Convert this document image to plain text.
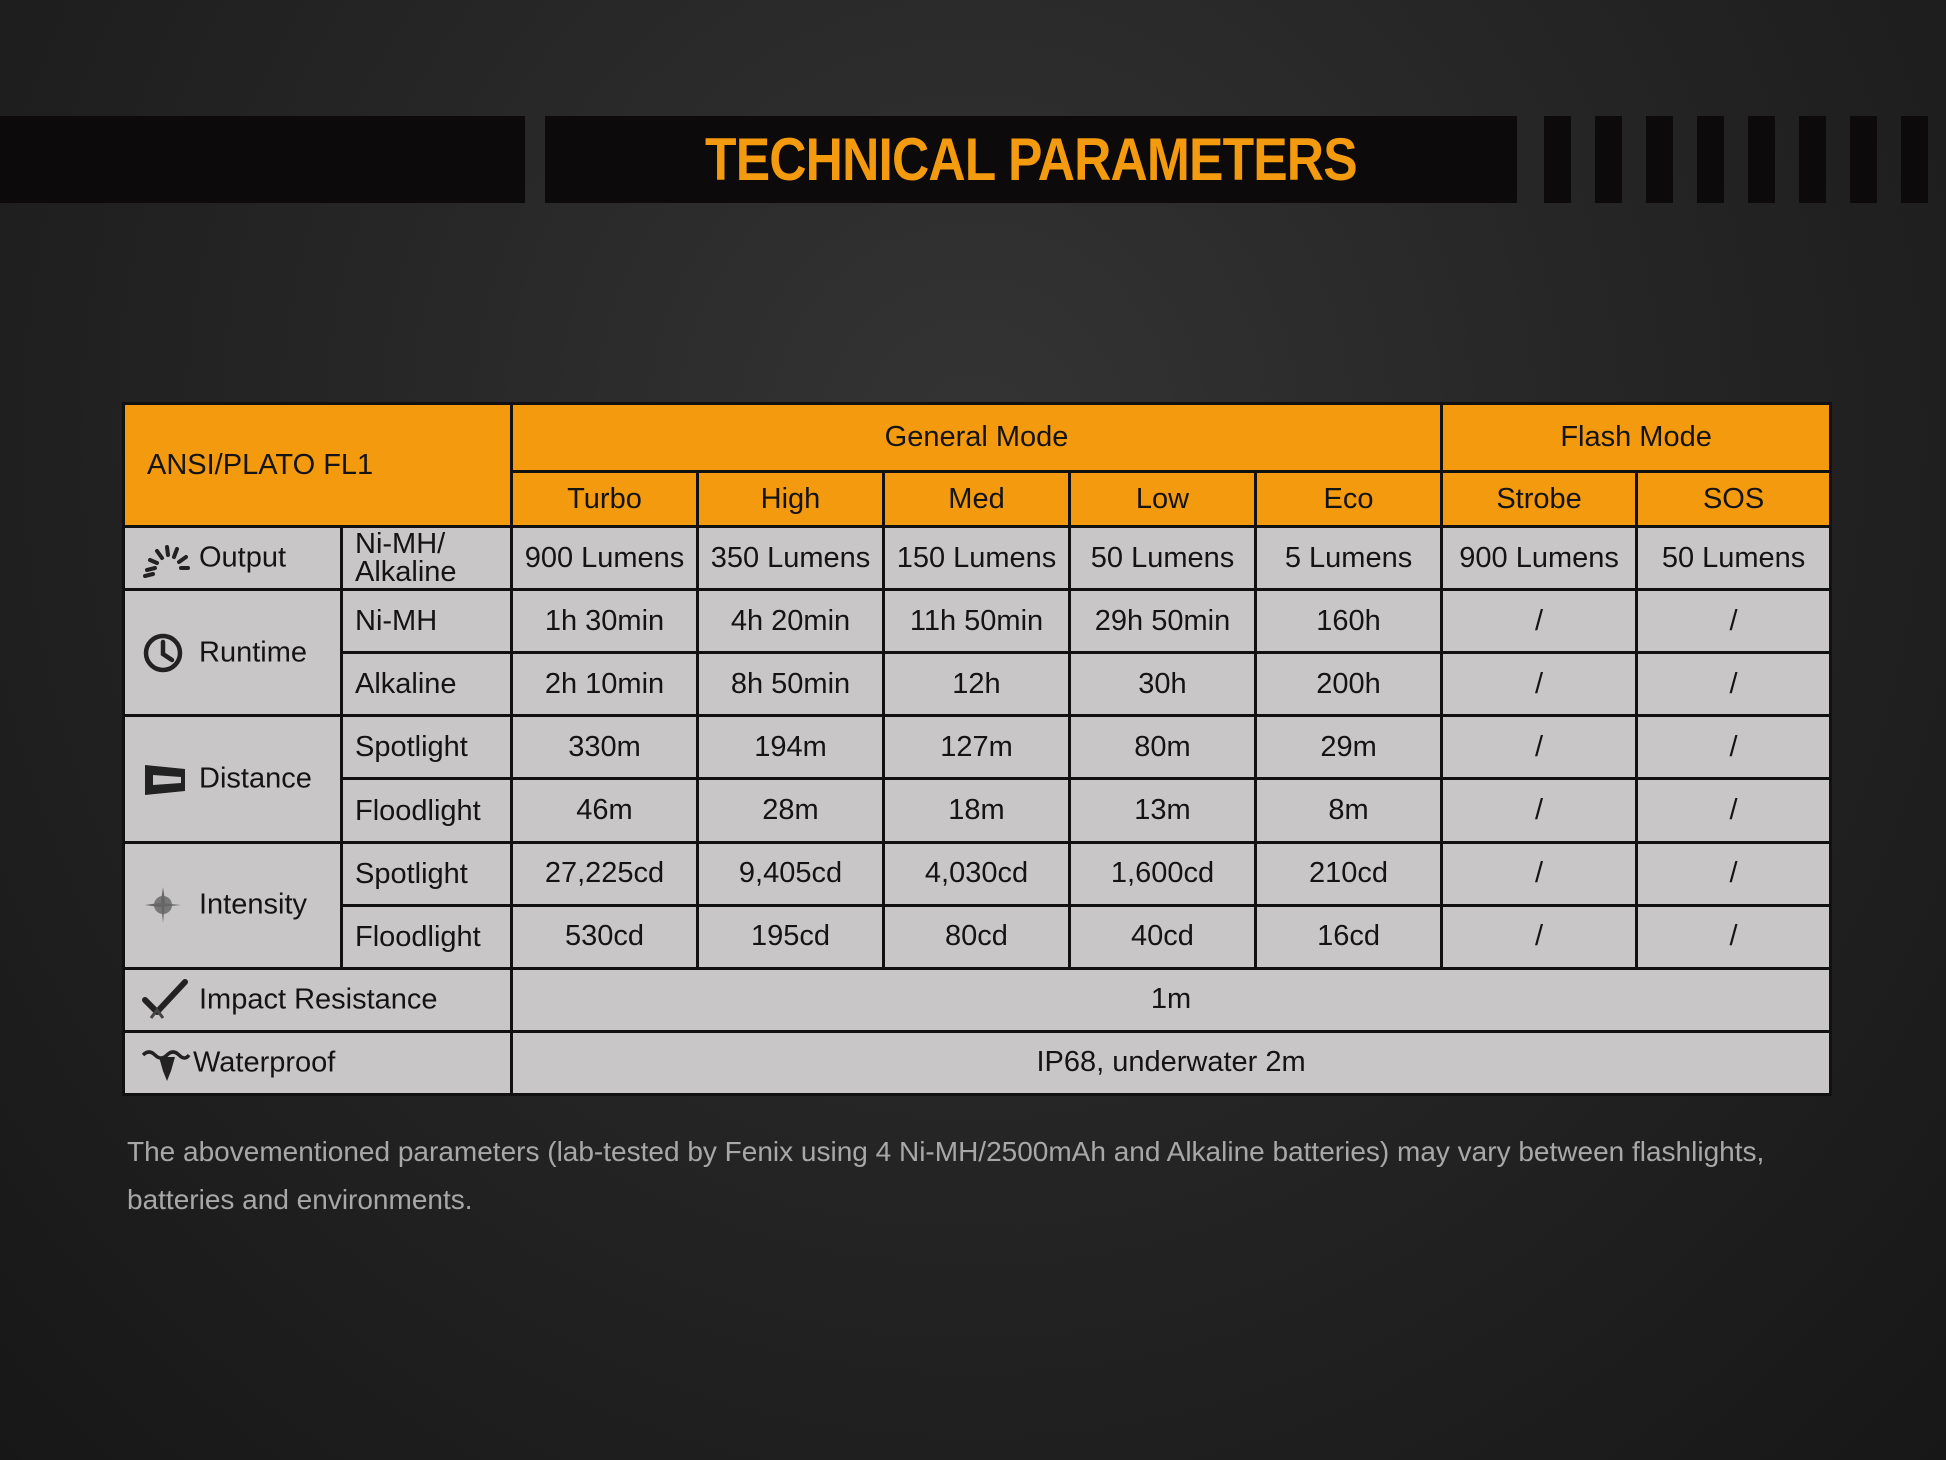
TECHNICAL PARAMETERS
ANSI/PLATO FL1		General Mode					Flash Mode	
		Turbo	High	Med	Low	Eco	Strobe	SOS

Output	Ni-MH/ Alkaline	900 Lumens	350 Lumens	150 Lumens	50 Lumens	5 Lumens	900 Lumens	50 Lumens

Runtime	Ni-MH	1h 30min	4h 20min	11h 50min	29h 50min	160h	/	/
	Alkaline	2h 10min	8h 50min	12h	30h	200h	/	/

Distance	Spotlight	330m	194m	127m	80m	29m	/	/
	Floodlight	46m	28m	18m	13m	8m	/	/

Intensity	Spotlight	27,225cd	9,405cd	4,030cd	1,600cd	210cd	/	/
	Floodlight	530cd	195cd	80cd	40cd	16cd	/	/

Impact Resistance		1m						

Waterproof		IP68, underwater 2m						
The abovementioned parameters (lab-tested by Fenix using 4 Ni-MH/2500mAh and Alkaline batteries) may vary between flashlights, batteries and environments.
